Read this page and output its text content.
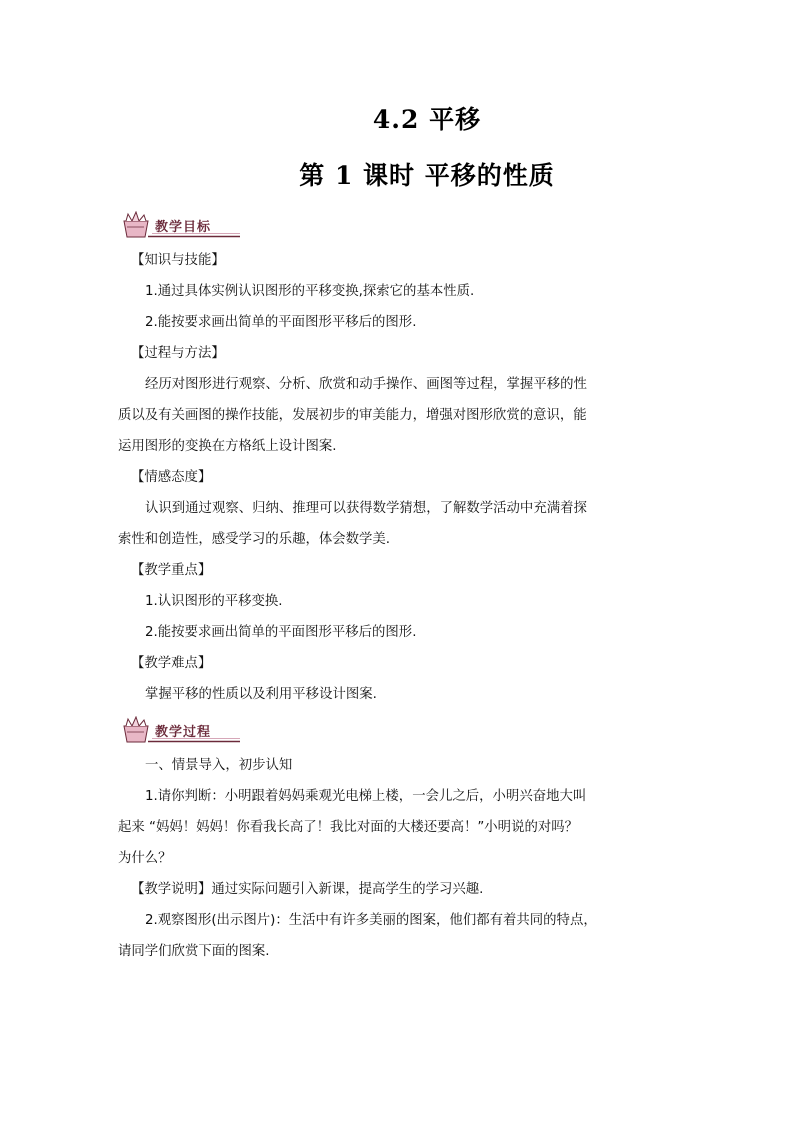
4.2 平移
第 1 课时 平移的性质
教学目标
【知识与技能】
1.通过具体实例认识图形的平移变换,探索它的基本性质.
2.能按要求画出简单的平面图形平移后的图形.
【过程与方法】
经历对图形进行观察、分析、欣赏和动手操作、画图等过程，掌握平移的性
质以及有关画图的操作技能，发展初步的审美能力，增强对图形欣赏的意识，能
运用图形的变换在方格纸上设计图案.
【情感态度】
认识到通过观察、归纳、推理可以获得数学猜想，了解数学活动中充满着探
索性和创造性，感受学习的乐趣，体会数学美.
【教学重点】
1.认识图形的平移变换.
2.能按要求画出简单的平面图形平移后的图形.
【教学难点】
掌握平移的性质以及利用平移设计图案.
教学过程
一、情景导入，初步认知
1.请你判断：小明跟着妈妈乘观光电梯上楼，一会儿之后，小明兴奋地大叫
起来 “妈妈！妈妈！你看我长高了！我比对面的大楼还要高！”小明说的对吗？
为什么？
【教学说明】通过实际问题引入新课，提高学生的学习兴趣.
2.观察图形(出示图片)：生活中有许多美丽的图案，他们都有着共同的特点，
请同学们欣赏下面的图案.
